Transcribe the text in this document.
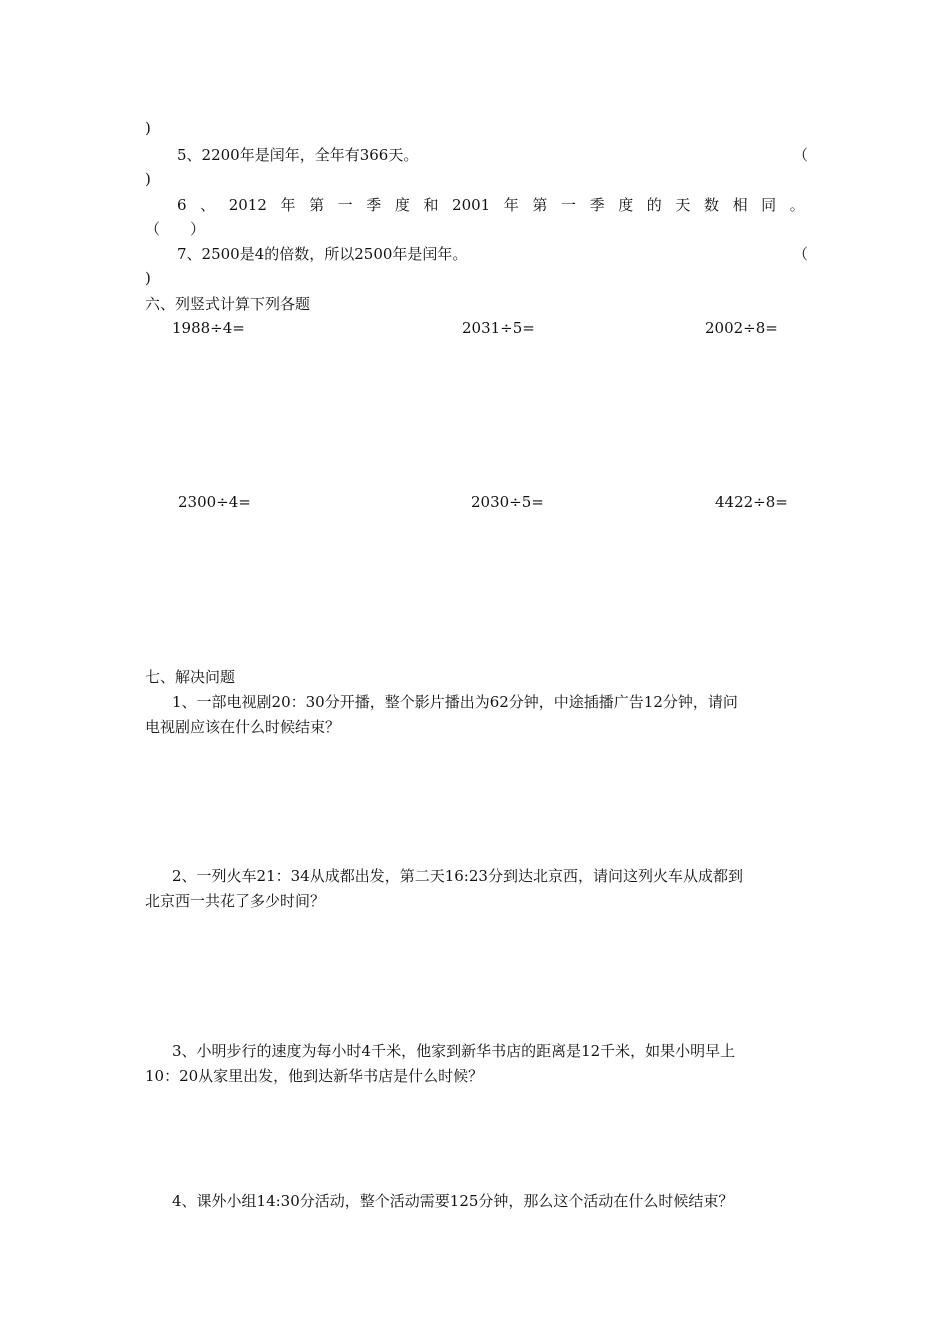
)
5、2200年是闰年，全年有366天。	（
)
6 、 2012 年 第 一 季 度 和 2001 年 第 一 季 度 的 天 数 相 同 。
（　　）
7、2500是4的倍数，所以2500年是闰年。	（
)
六、列竖式计算下列各题
1988÷4=	2031÷5=	2002÷8=
2300÷4=	2030÷5=	4422÷8=
七、解决问题
1、一部电视剧20：30分开播，整个影片播出为62分钟，中途插播广告12分钟，请问
电视剧应该在什么时候结束？
2、一列火车21：34从成都出发，第二天16:23分到达北京西，请问这列火车从成都到
北京西一共花了多少时间？
3、小明步行的速度为每小时4千米，他家到新华书店的距离是12千米，如果小明早上
10：20从家里出发，他到达新华书店是什么时候？
4、课外小组14:30分活动，整个活动需要125分钟，那么这个活动在什么时候结束？
